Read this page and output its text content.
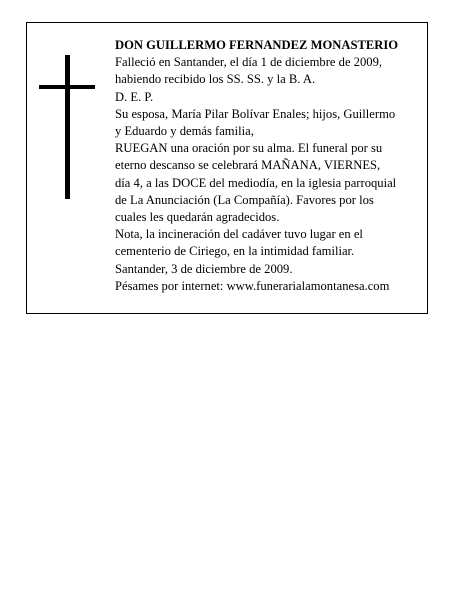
DON GUILLERMO FERNANDEZ MONASTERIO

Falleció en Santander, el día 1 de diciembre de 2009,

habiendo recibido los SS. SS. y la B. A.

D. E. P.

Su esposa, María Pilar Bolívar Enales; hijos, Guillermo

y Eduardo y demás familia,

RUEGAN una oración por su alma. El funeral por su

eterno descanso se celebrará MAÑANA, VIERNES,

día 4, a las DOCE del mediodía, en la iglesia parroquial

de La Anunciación (La Compañía). Favores por los

cuales les quedarán agradecidos.

Nota, la incineración del cadáver tuvo lugar en el

cementerio de Ciriego, en la intimidad familiar.

Santander, 3 de diciembre de 2009.

Pésames por internet: www.funerarialamontanesa.com
